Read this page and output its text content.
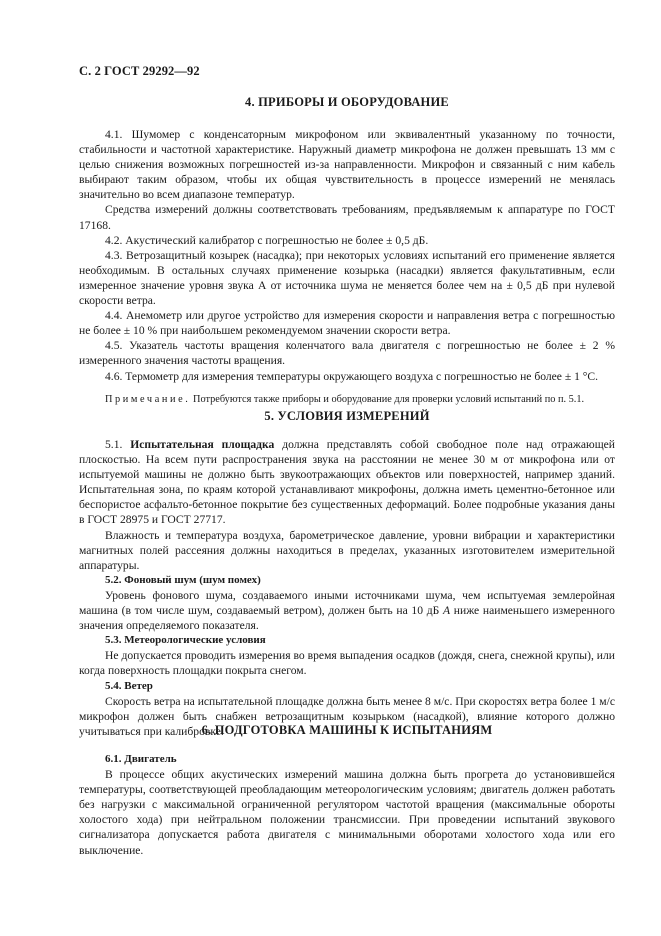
С. 2 ГОСТ 29292—92
4. ПРИБОРЫ И ОБОРУДОВАНИЕ

4.1. Шумомер с конденсаторным микрофоном или эквивалентный указанному по точности, стабильности и частотной характеристике. Наружный диаметр микрофона не должен превышать 13 мм с целью снижения возможных погрешностей из-за направленности. Микрофон и связанный с ним кабель выбирают таким образом, чтобы их общая чувствительность в процессе измерений не менялась значительно во всем диапазоне температур.

Средства измерений должны соответствовать требованиям, предъявляемым к аппаратуре по ГОСТ 17168.

4.2. Акустический калибратор с погрешностью не более ± 0,5 дБ.

4.3. Ветрозащитный козырек (насадка); при некоторых условиях испытаний его применение является необходимым. В остальных случаях применение козырька (насадки) является факультативным, если измеренное значение уровня звука А от источника шума не меняется более чем на ± 0,5 дБ при нулевой скорости ветра.

4.4. Анемометр или другое устройство для измерения скорости и направления ветра с погрешностью не более ± 10 % при наибольшем рекомендуемом значении скорости ветра.

4.5. Указатель частоты вращения коленчатого вала двигателя с погрешностью не более ± 2 % измеренного значения частоты вращения.

4.6. Термометр для измерения температуры окружающего воздуха с погрешностью не более ± 1 °С.

Примечание. Потребуются также приборы и оборудование для проверки условий испытаний по п. 5.1.

5. УСЛОВИЯ ИЗМЕРЕНИЙ

5.1. Испытательная площадка должна представлять собой свободное поле над отражающей плоскостью. На всем пути распространения звука на расстоянии не менее 30 м от микрофона или от испытуемой машины не должно быть звукоотражающих объектов или поверхностей, например зданий. Испытательная зона, по краям которой устанавливают микрофоны, должна иметь цементно-бетонное или беспористое асфальто-бетонное покрытие без существенных деформаций. Более подробные указания даны в ГОСТ 28975 и ГОСТ 27717.

Влажность и температура воздуха, барометрическое давление, уровни вибрации и характеристики магнитных полей рассеяния должны находиться в пределах, указанных изготовителем измерительной аппаратуры.

5.2. Фоновый шум (шум помех)

Уровень фонового шума, создаваемого иными источниками шума, чем испытуемая землеройная машина (в том числе шум, создаваемый ветром), должен быть на 10 дБ А ниже наименьшего измеренного значения определяемого показателя.

5.3. Метеорологические условия

Не допускается проводить измерения во время выпадения осадков (дождя, снега, снежной крупы), или когда поверхность площадки покрыта снегом.

5.4. Ветер

Скорость ветра на испытательной площадке должна быть менее 8 м/с. При скоростях ветра более 1 м/с микрофон должен быть снабжен ветрозащитным козырьком (насадкой), влияние которого должно учитываться при калибровке.

6. ПОДГОТОВКА МАШИНЫ К ИСПЫТАНИЯМ

6.1. Двигатель

В процессе общих акустических измерений машина должна быть прогрета до установившейся температуры, соответствующей преобладающим метеорологическим условиям; двигатель должен работать без нагрузки с максимальной ограниченной регулятором частотой вращения (максимальные обороты холостого хода) при нейтральном положении трансмиссии. При проведении испытаний звукового сигнализатора допускается работа двигателя с минимальными оборотами холостого хода или его выключение.
